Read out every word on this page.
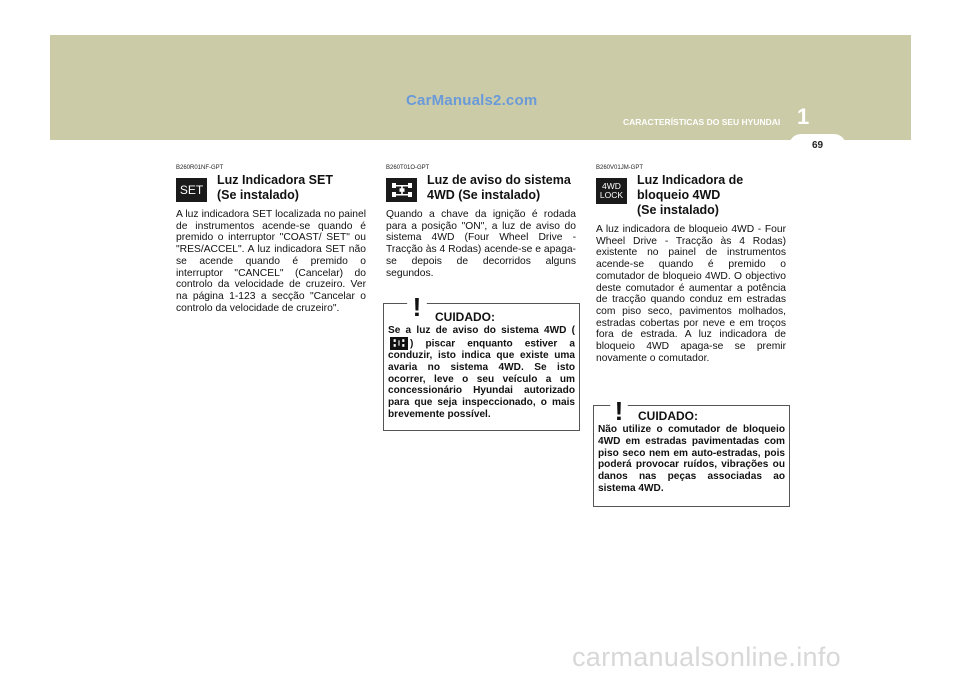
CarManuals2.com
1
CARACTERÍSTICAS DO SEU HYUNDAI
69
B260R01NF-GPT
SET
Luz Indicadora SET
(Se instalado)
A luz indicadora SET localizada no painel de instrumentos acende-se quando é premido o interruptor "COAST/ SET" ou "RES/ACCEL". A luz indicadora SET não se acende quando é premido o interruptor "CANCEL" (Cancelar) do controlo da velocidade de cruzeiro. Ver na página 1-123 a secção "Cancelar o controlo da velocidade de cruzeiro".
B260T01O-GPT
Luz de aviso do sistema
4WD (Se instalado)
Quando a chave da ignição é rodada para a posição "ON", a luz de aviso do sistema 4WD (Four Wheel Drive - Tracção às 4 Rodas) acende-se e apaga-se depois de decorridos alguns segundos.
! CUIDADO:
Se a luz de aviso do sistema 4WD (
) piscar enquanto estiver a conduzir, isto indica que existe uma avaria no sistema 4WD. Se isto ocorrer, leve o seu veículo a um concessionário Hyundai autorizado para que seja inspeccionado, o mais brevemente possível.
B260V01JM-GPT
4WD
LOCK
Luz Indicadora de
bloqueio 4WD
(Se instalado)
A luz indicadora de bloqueio 4WD - Four Wheel Drive - Tracção às 4 Rodas) existente no painel de instrumentos acende-se quando é premido o comutador de bloqueio 4WD. O objectivo deste comutador é aumentar a potência de tracção quando conduz em estradas com piso seco, pavimentos molhados, estradas cobertas por neve e em troços fora de estrada. A luz indicadora de bloqueio 4WD apaga-se se premir novamente o comutador.
! CUIDADO:
Não utilize o comutador de bloqueio 4WD em estradas pavimentadas com piso seco nem em auto-estradas, pois poderá provocar ruídos, vibrações ou danos nas peças associadas ao sistema 4WD.
carmanualsonline.info
